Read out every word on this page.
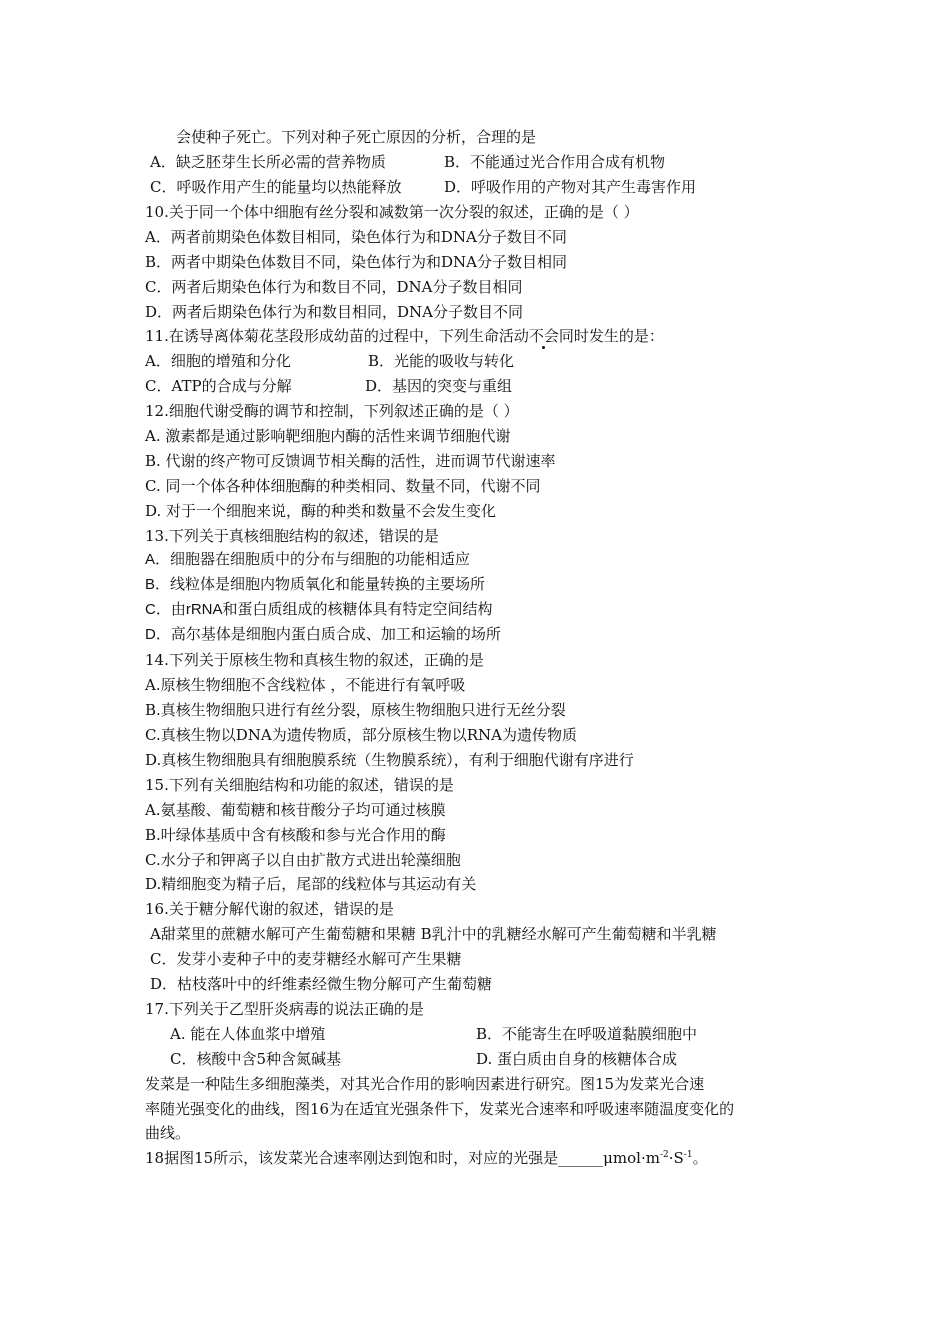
会使种子死亡。下列对种子死亡原因的分析，合理的是
A．缺乏胚芽生长所必需的营养物质	B．不能通过光合作用合成有机物
C．呼吸作用产生的能量均以热能释放	D．呼吸作用的产物对其产生毒害作用
10.关于同一个体中细胞有丝分裂和减数第一次分裂的叙述，正确的是（ ）
A．两者前期染色体数目相同，染色体行为和DNA分子数目不同
B．两者中期染色体数目不同，染色体行为和DNA分子数目相同
C．两者后期染色体行为和数目不同，DNA分子数目相同
D．两者后期染色体行为和数目相同，DNA分子数目不同
11.在诱导离体菊花茎段形成幼苗的过程中，下列生命活动不会同时发生的是：
A．细胞的增殖和分化	B．光能的吸收与转化
C．ATP的合成与分解	D．基因的突变与重组
12.细胞代谢受酶的调节和控制，下列叙述正确的是（ ）
A. 激素都是通过影响靶细胞内酶的活性来调节细胞代谢
B. 代谢的终产物可反馈调节相关酶的活性，进而调节代谢速率
C. 同一个体各种体细胞酶的种类相同、数量不同，代谢不同
D. 对于一个细胞来说，酶的种类和数量不会发生变化
13.下列关于真核细胞结构的叙述，错误的是
A．细胞器在细胞质中的分布与细胞的功能相适应
B．线粒体是细胞内物质氧化和能量转换的主要场所
C．由rRNA和蛋白质组成的核糖体具有特定空间结构
D．高尔基体是细胞内蛋白质合成、加工和运输的场所
14.下列关于原核生物和真核生物的叙述，正确的是
A.原核生物细胞不含线粒体 ，不能进行有氧呼吸
B.真核生物细胞只进行有丝分裂，原核生物细胞只进行无丝分裂
C.真核生物以DNA为遗传物质，部分原核生物以RNA为遗传物质
D.真核生物细胞具有细胞膜系统（生物膜系统），有利于细胞代谢有序进行
15.下列有关细胞结构和功能的叙述，错误的是
A.氨基酸、葡萄糖和核苷酸分子均可通过核膜
B.叶绿体基质中含有核酸和参与光合作用的酶
C.水分子和钾离子以自由扩散方式进出轮藻细胞
D.精细胞变为精子后，尾部的线粒体与其运动有关
16.关于糖分解代谢的叙述，错误的是
A甜菜里的蔗糖水解可产生葡萄糖和果糖 B乳汁中的乳糖经水解可产生葡萄糖和半乳糖
C．发芽小麦种子中的麦芽糖经水解可产生果糖
D．枯枝落叶中的纤维素经微生物分解可产生葡萄糖
17.下列关于乙型肝炎病毒的说法正确的是
A. 能在人体血浆中增殖	B．不能寄生在呼吸道黏膜细胞中
C．核酸中含5种含氮碱基	D. 蛋白质由自身的核糖体合成
发菜是一种陆生多细胞藻类，对其光合作用的影响因素进行研究。图15为发菜光合速
率随光强变化的曲线，图16为在适宜光强条件下，发菜光合速率和呼吸速率随温度变化的
曲线。
18据图15所示，该发菜光合速率刚达到饱和时，对应的光强是$\_\_\_\_\_\_\mu mol\cdot m^{-2}\cdot S^{-1}$。
